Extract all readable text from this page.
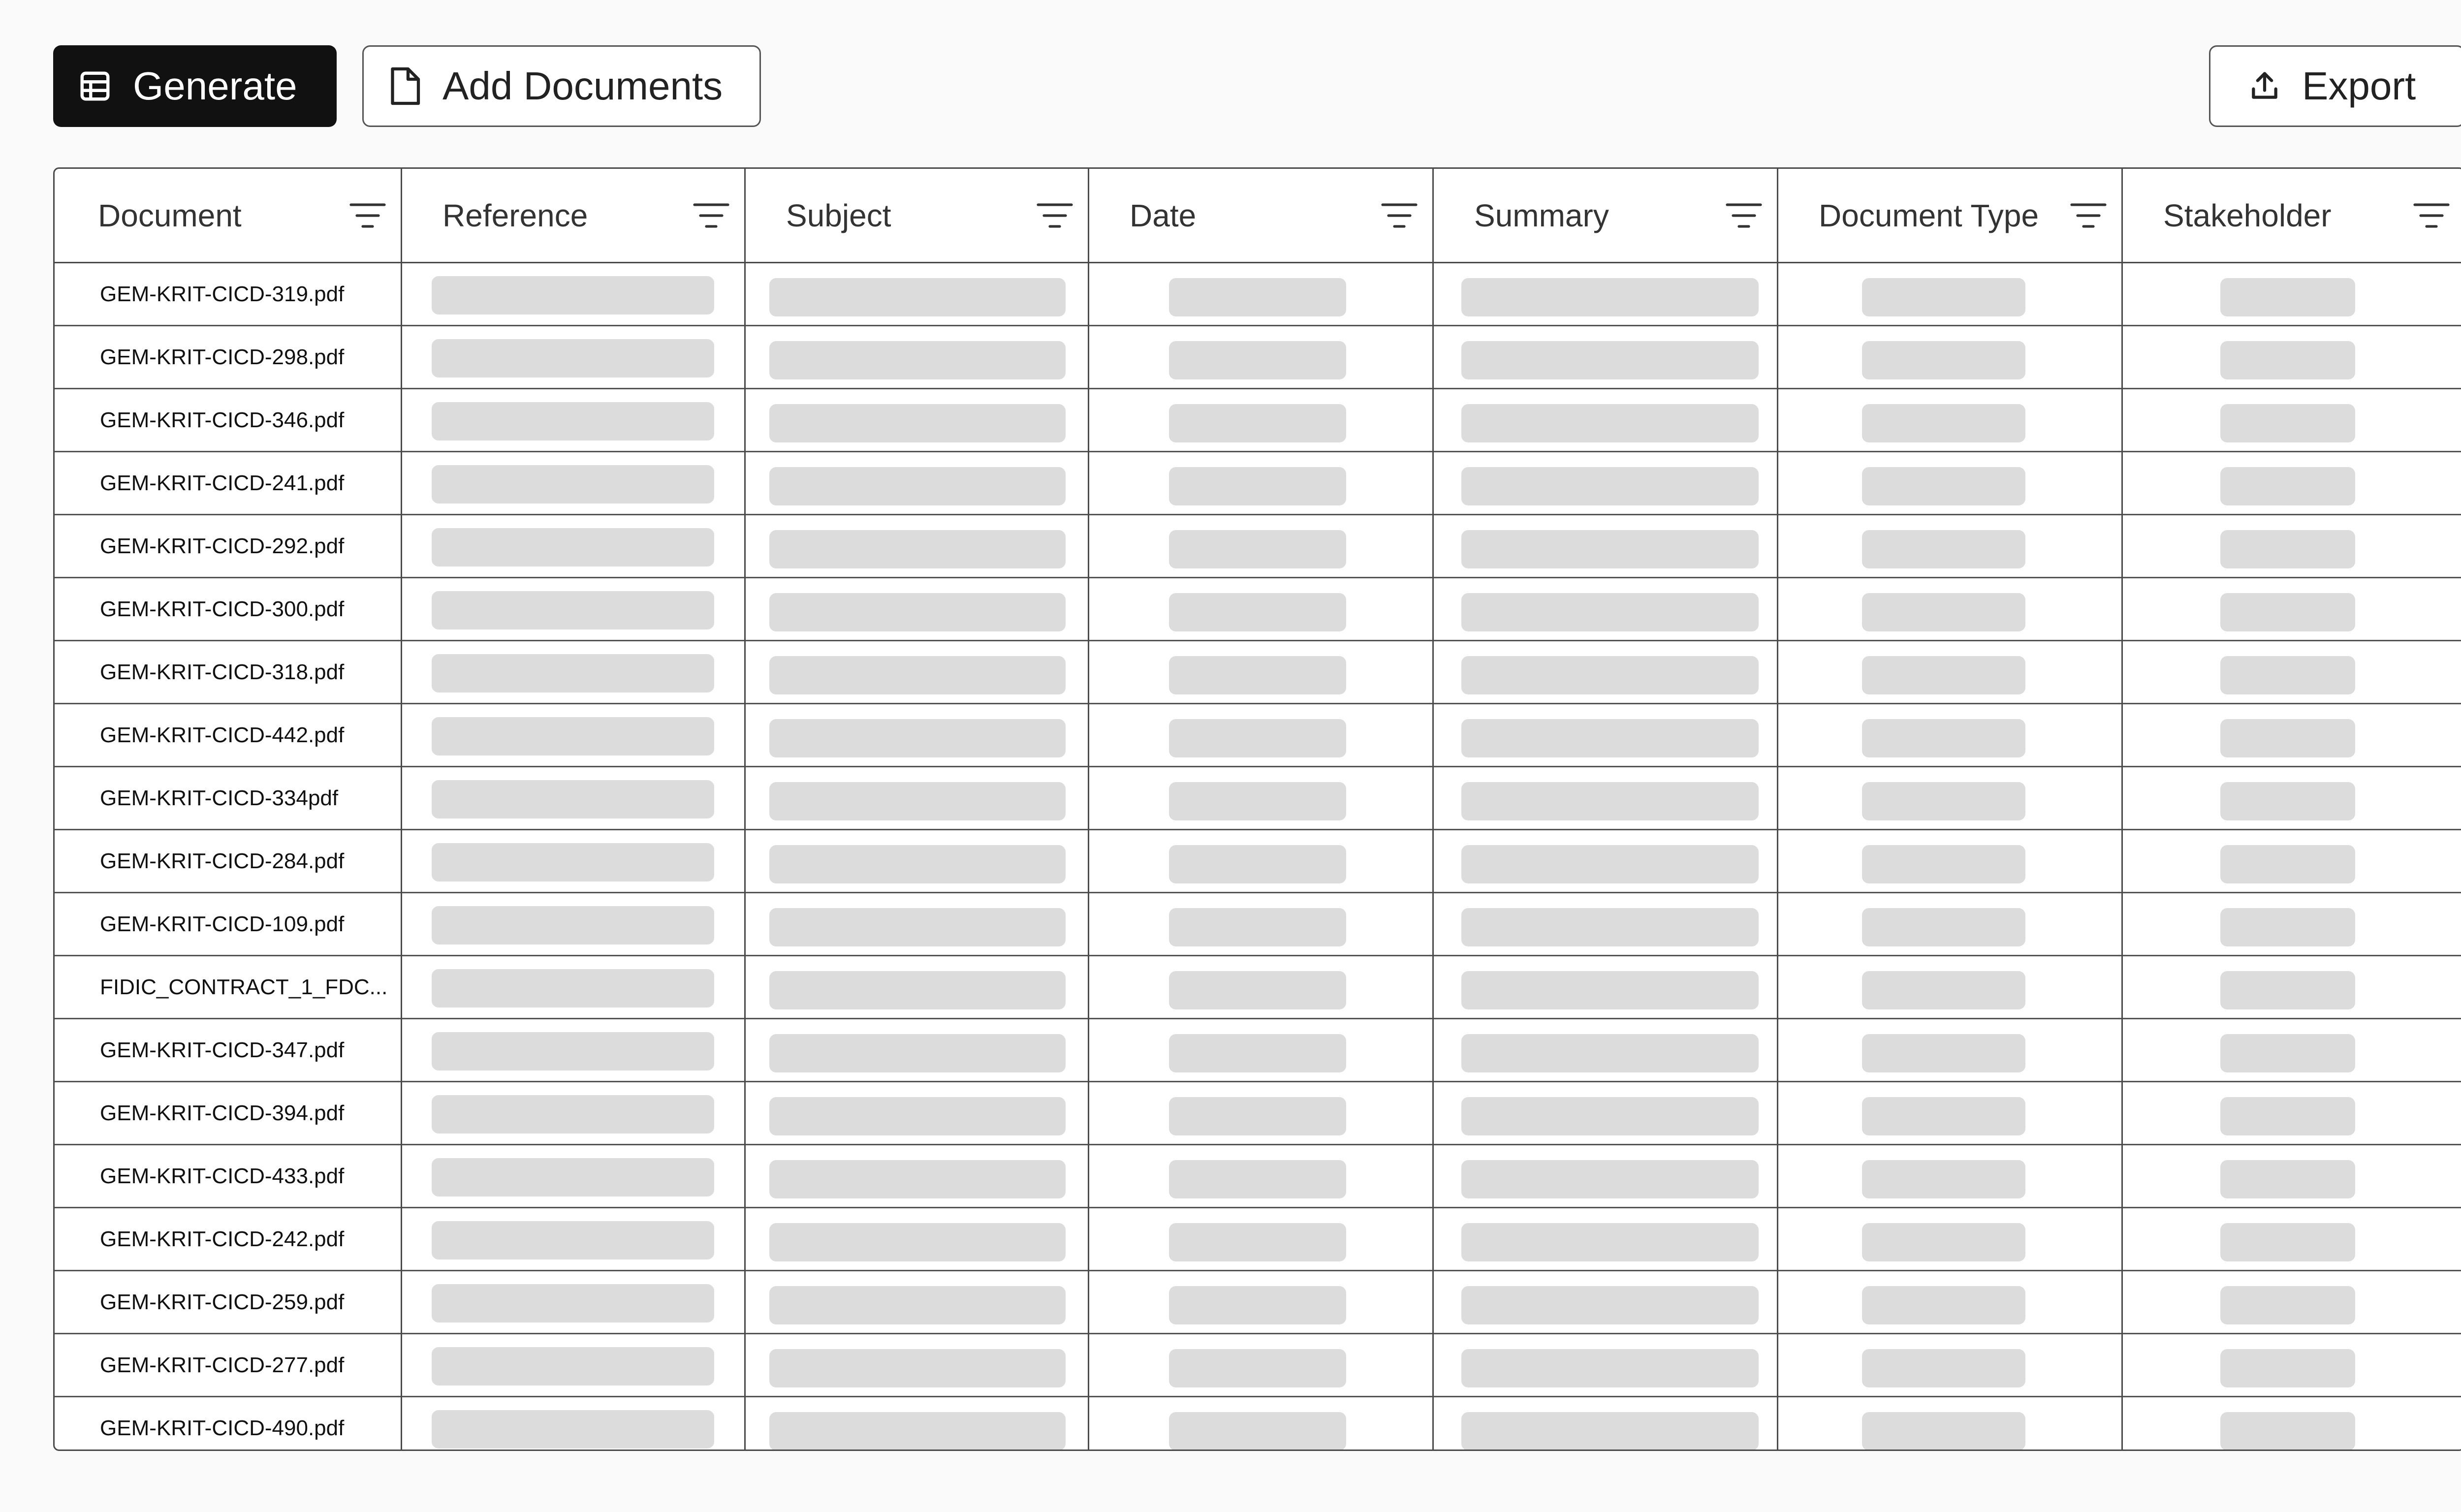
Generate	Add Documents	Export
Document	Reference	Subject	Date	Summary	Document Type	Stakeholder
GEM-KRIT-CICD-319.pdf
GEM-KRIT-CICD-298.pdf
GEM-KRIT-CICD-346.pdf
GEM-KRIT-CICD-241.pdf
GEM-KRIT-CICD-292.pdf
GEM-KRIT-CICD-300.pdf
GEM-KRIT-CICD-318.pdf
GEM-KRIT-CICD-442.pdf
GEM-KRIT-CICD-334pdf
GEM-KRIT-CICD-284.pdf
GEM-KRIT-CICD-109.pdf
FIDIC_CONTRACT_1_FDC...
GEM-KRIT-CICD-347.pdf
GEM-KRIT-CICD-394.pdf
GEM-KRIT-CICD-433.pdf
GEM-KRIT-CICD-242.pdf
GEM-KRIT-CICD-259.pdf
GEM-KRIT-CICD-277.pdf
GEM-KRIT-CICD-490.pdf
